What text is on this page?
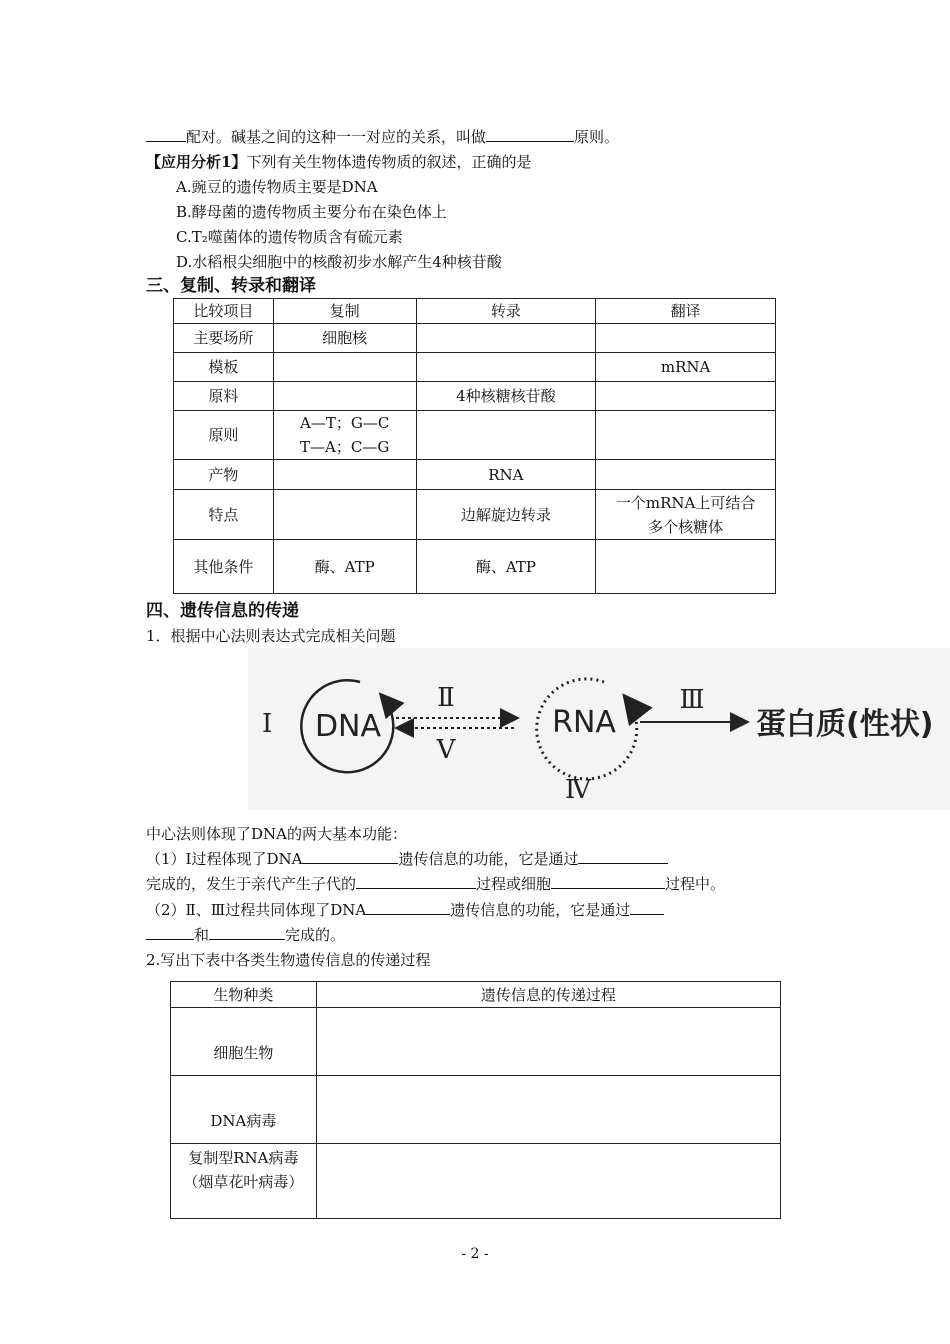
配对。碱基之间的这种一一对应的关系，叫做	原则。
【应用分析1】下列有关生物体遗传物质的叙述，正确的是
A.豌豆的遗传物质主要是DNA
B.酵母菌的遗传物质主要分布在染色体上
C.T₂噬菌体的遗传物质含有硫元素
D.水稻根尖细胞中的核酸初步水解产生4种核苷酸
三、复制、转录和翻译
比较项目	复制	转录	翻译
主要场所	细胞核		
模板			mRNA
原料		4种核糖核苷酸	
原则	A—T；G—C
T—A；C—G		
产物		RNA	
特点		边解旋边转录	一个mRNA上可结合
多个核糖体
其他条件	酶、ATP	酶、ATP	
四、遗传信息的传递
1．根据中心法则表达式完成相关问题
I DNA
Ⅱ
V
RNA
Ⅳ
Ⅲ
蛋白质(性状)
中心法则体现了DNA的两大基本功能：
（1）Ⅰ过程体现了DNA	遗传信息的功能，它是通过
完成的，发生于亲代产生子代的	过程或细胞	过程中。
（2）Ⅱ、Ⅲ过程共同体现了DNA	遗传信息的功能，它是通过
和	完成的。
2.写出下表中各类生物遗传信息的传递过程
生物种类	遗传信息的传递过程
细胞生物	
DNA病毒	
复制型RNA病毒
（烟草花叶病毒）	
- 2 -
